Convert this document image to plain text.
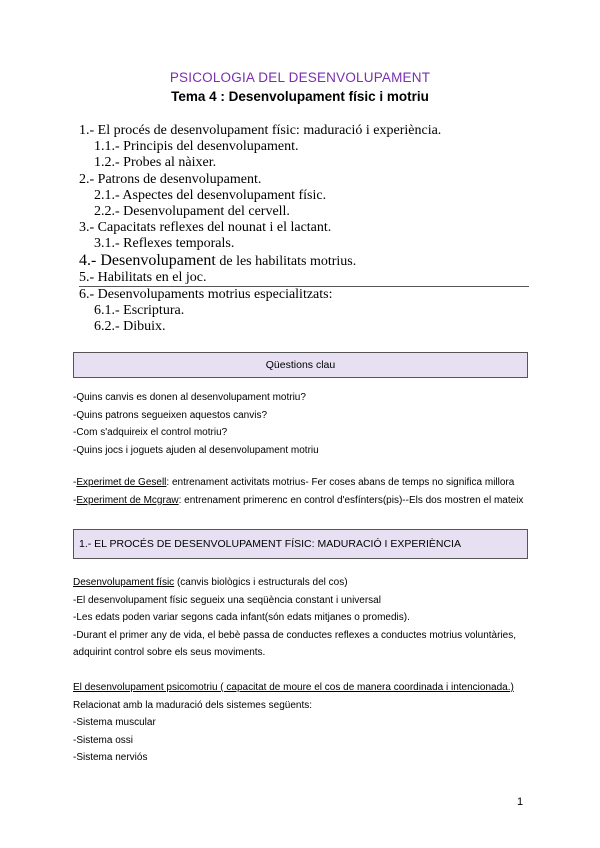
PSICOLOGIA DEL DESENVOLUPAMENT
Tema 4 : Desenvolupament físic i motriu
1.- El procés de desenvolupament físic: maduració i experiència.
1.1.- Principis del desenvolupament.
1.2.- Probes al nàixer.
2.- Patrons de desenvolupament.
2.1.- Aspectes del desenvolupament físic.
2.2.- Desenvolupament del cervell.
3.- Capacitats reflexes del nounat i el lactant.
3.1.- Reflexes temporals.
4.- Desenvolupament de les habilitats motrius.
5.- Habilitats en el joc.
6.- Desenvolupaments motrius especialitzats:
6.1.- Escriptura.
6.2.- Dibuix.
Qüestions clau
-Quins canvis es donen al desenvolupament motriu?
-Quins patrons segueixen aquestos canvis?
-Com s'adquireix el control motriu?
-Quins jocs i joguets ajuden al desenvolupament motriu
-Experimet de Gesell: entrenament activitats motrius- Fer coses abans de temps no significa millora
-Experiment de Mcgraw: entrenament primerenc en control d'esfínters(pis)--Els dos mostren el mateix
1.- EL PROCÉS DE DESENVOLUPAMENT FÍSIC: MADURACIÓ I EXPERIÈNCIA
Desenvolupament físic (canvis biològics i estructurals del cos)
-El desenvolupament físic segueix una seqüència constant i universal
-Les edats poden variar segons cada infant(són edats mitjanes o promedis).
-Durant el primer any de vida, el bebè passa de conductes reflexes a conductes motrius voluntàries,
adquirint control sobre els seus moviments.
El desenvolupament psicomotriu ( capacitat de moure el cos de manera coordinada i intencionada.)
Relacionat amb la maduració dels sistemes següents:
-Sistema muscular
-Sistema ossi
-Sistema nerviós
1
